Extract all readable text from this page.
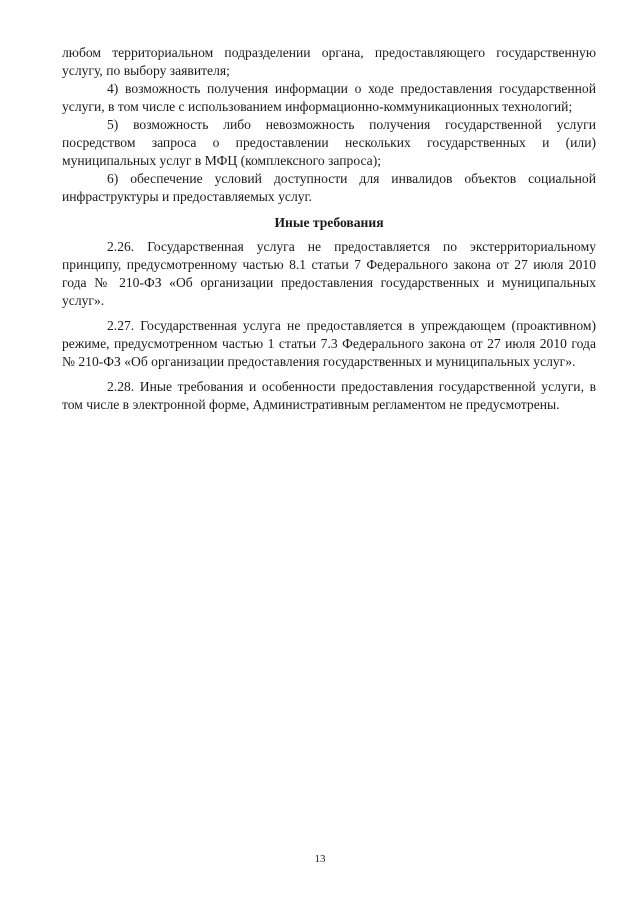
любом территориальном подразделении органа, предоставляющего государственную услугу, по выбору заявителя;

4) возможность получения информации о ходе предоставления государственной услуги, в том числе с использованием информационно-коммуникационных технологий;

5) возможность либо невозможность получения государственной услуги посредством запроса о предоставлении нескольких государственных и (или) муниципальных услуг в МФЦ (комплексного запроса);

6) обеспечение условий доступности для инвалидов объектов социальной инфраструктуры и предоставляемых услуг.

Иные требования

2.26. Государственная услуга не предоставляется по экстерриториальному принципу, предусмотренному частью 8.1 статьи 7 Федерального закона от 27 июля 2010 года № 210-ФЗ «Об организации предоставления государственных и муниципальных услуг».

2.27. Государственная услуга не предоставляется в упреждающем (проактивном) режиме, предусмотренном частью 1 статьи 7.3 Федерального закона от 27 июля 2010 года № 210-ФЗ «Об организации предоставления государственных и муниципальных услуг».

2.28. Иные требования и особенности предоставления государственной услуги, в том числе в электронной форме, Административным регламентом не предусмотрены.

13
